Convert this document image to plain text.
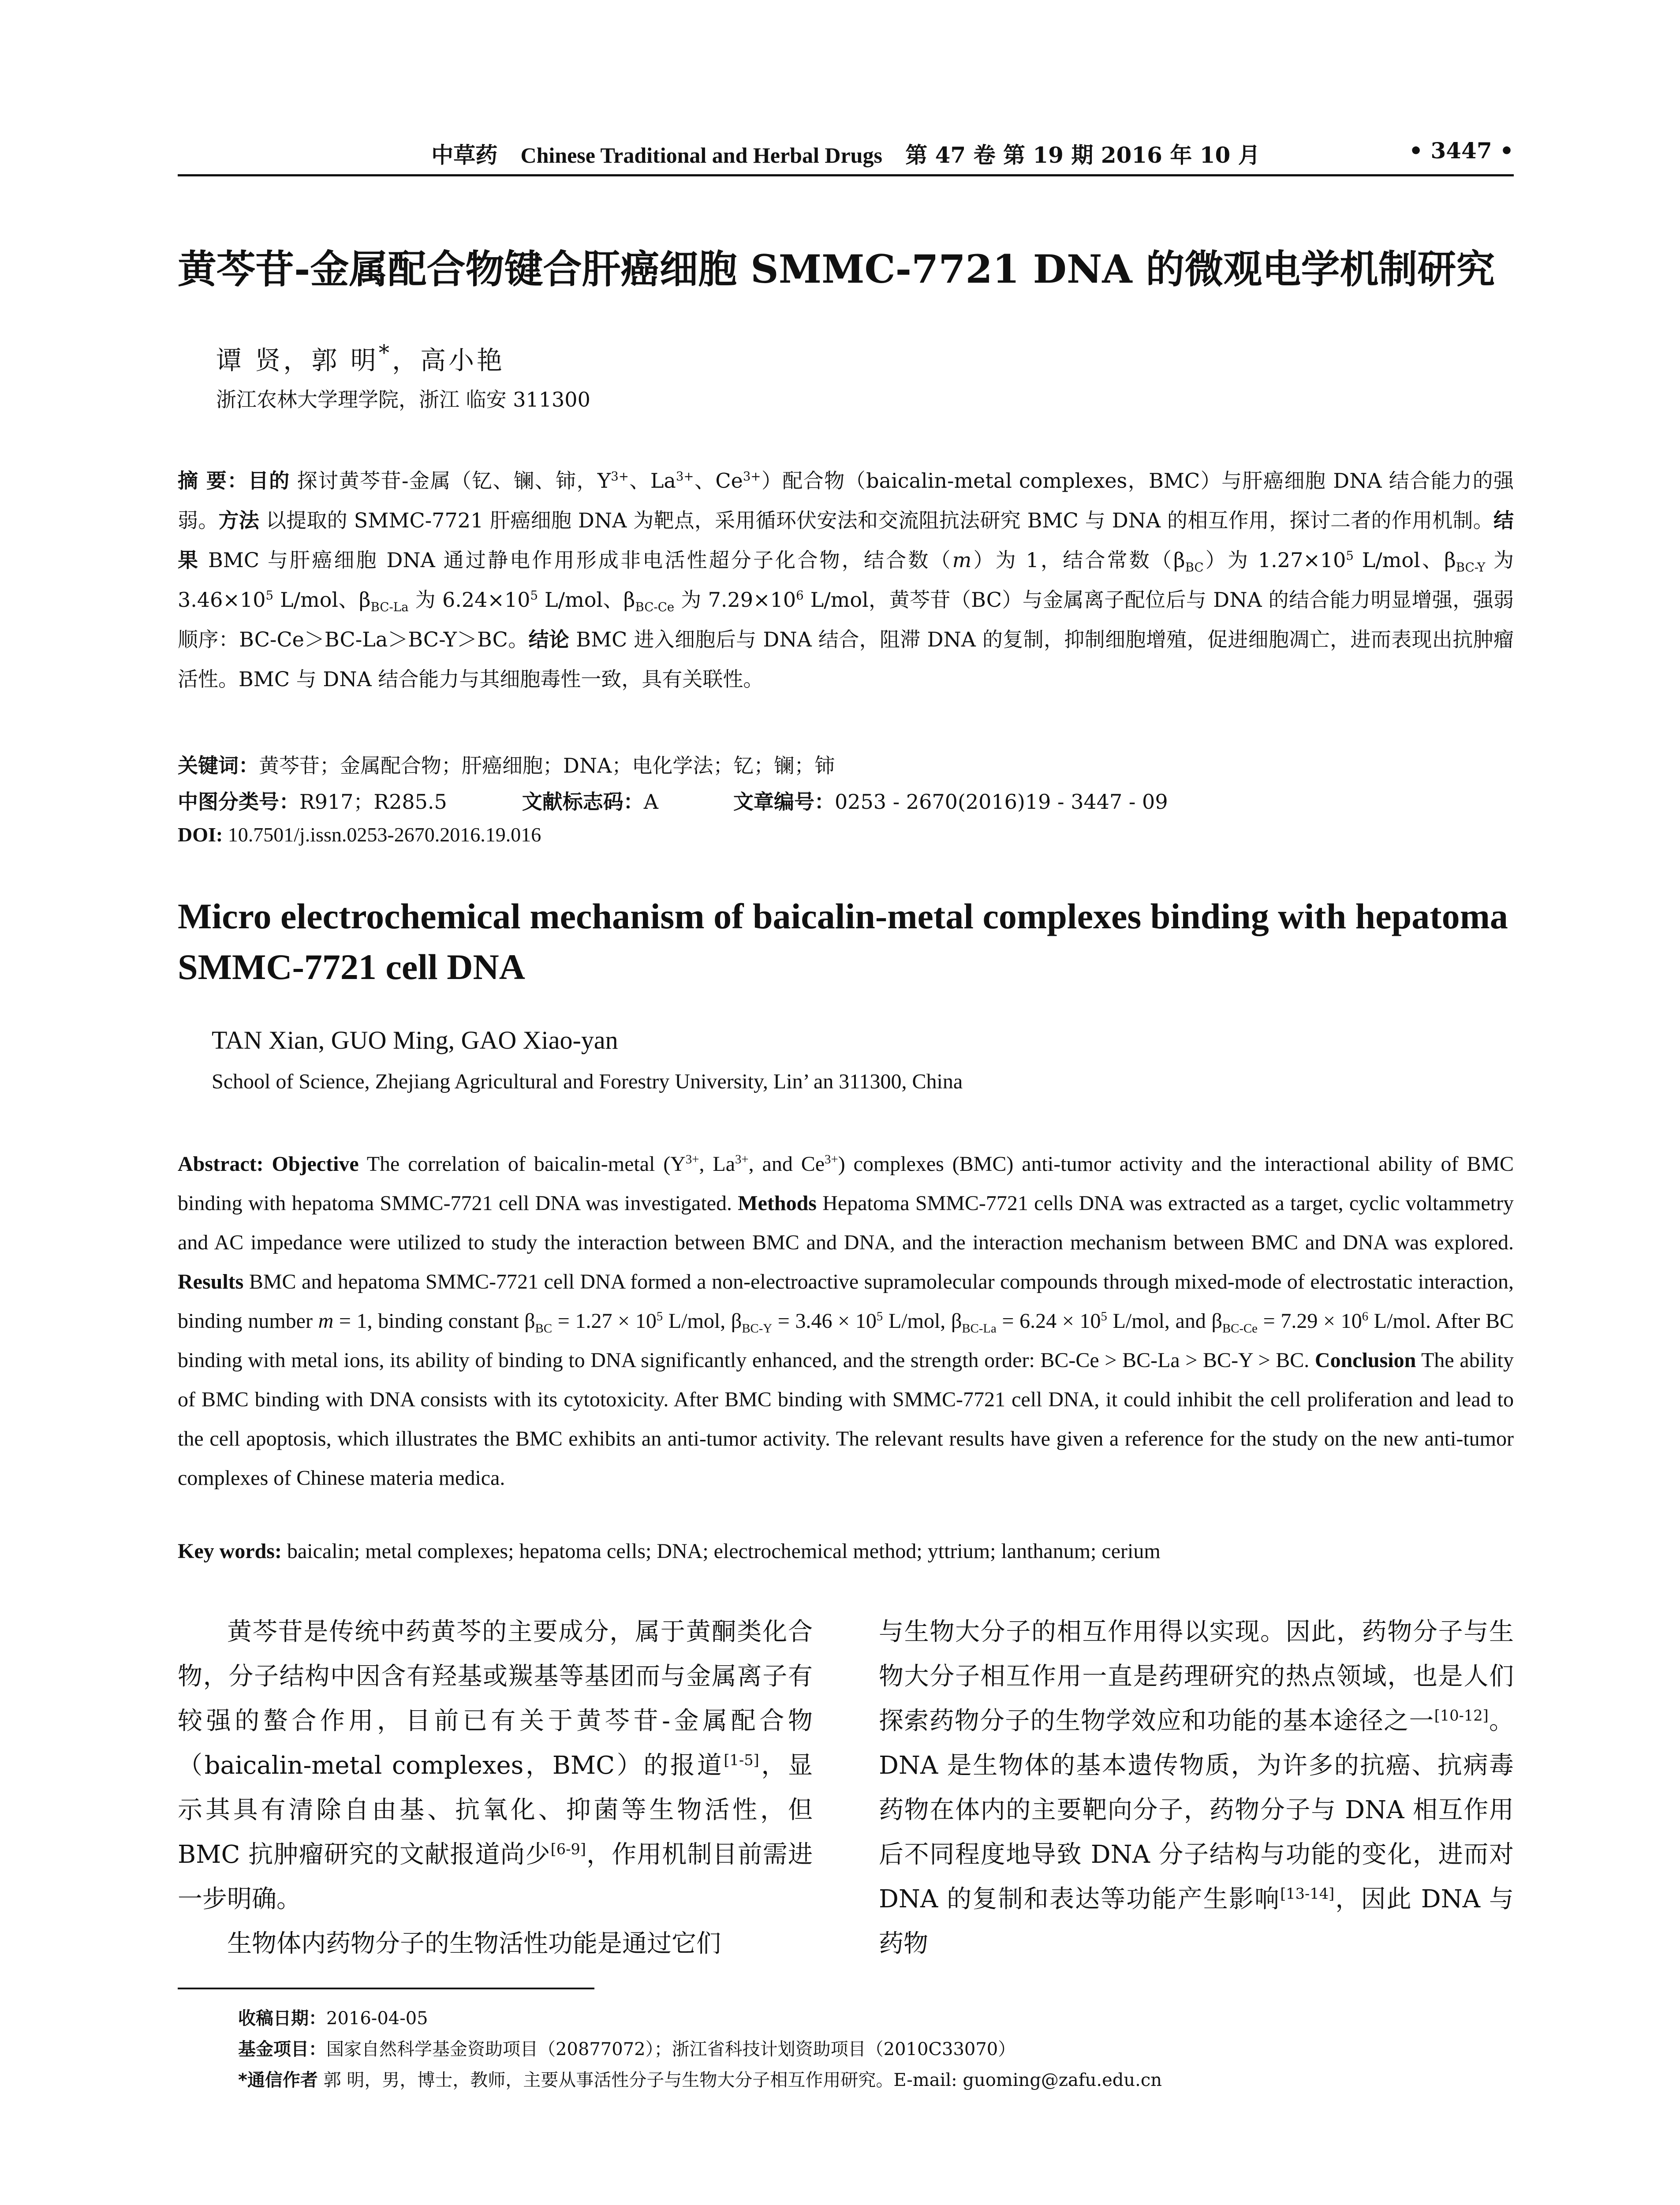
中草药 Chinese Traditional and Herbal Drugs 第 47 卷 第 19 期 2016 年 10 月	• 3447 •
黄芩苷-金属配合物键合肝癌细胞 SMMC-7721 DNA 的微观电学机制研究
谭 贤，郭 明*，高小艳
浙江农林大学理学院，浙江 临安 311300
摘 要：目的 探讨黄芩苷-金属（钇、镧、铈，$Y^{3+}$、$La^{3+}$、$Ce^{3+}$）配合物（baicalin-metal complexes，BMC）与肝癌细胞 DNA 结合能力的强弱。方法 以提取的 SMMC-7721 肝癌细胞 DNA 为靶点，采用循环伏安法和交流阻抗法研究 BMC 与 DNA 的相互作用，探讨二者的作用机制。结果 BMC 与肝癌细胞 DNA 通过静电作用形成非电活性超分子化合物，结合数（m）为 1，结合常数$(\beta_{BC})$为 $1.27\times 10^5$ L/mol、$\beta_{BC-Y}$ 为 $3.46\times 10^5$ L/mol、$\beta_{BC-La}$ 为 $6.24\times 10^5$ L/mol、$\beta_{BC-Ce}$ 为 $7.29\times 10^6$ L/mol，黄芩苷（BC）与金属离子配位后与 DNA 的结合能力明显增强，强弱顺序：BC-Ce＞BC-La＞BC-Y＞BC。结论 BMC 进入细胞后与 DNA 结合，阻滞 DNA 的复制，抑制细胞增殖，促进细胞凋亡，进而表现出抗肿瘤活性。BMC 与 DNA 结合能力与其细胞毒性一致，具有关联性。
关键词：黄芩苷；金属配合物；肝癌细胞；DNA；电化学法；钇；镧；铈
中图分类号：R917；R285.5	文献标志码：A	文章编号：0253 - 2670(2016)19 - 3447 - 09
DOI: 10.7501/j.issn.0253-2670.2016.19.016
Micro electrochemical mechanism of baicalin-metal complexes binding with hepatoma SMMC-7721 cell DNA
TAN Xian, GUO Ming, GAO Xiao-yan
School of Science, Zhejiang Agricultural and Forestry University, Lin’ an 311300, China
Abstract: Objective The correlation of baicalin-metal ($Y^{3+}$, $La^{3+}$, and $Ce^{3+}$) complexes (BMC) anti-tumor activity and the interactional ability of BMC binding with hepatoma SMMC-7721 cell DNA was investigated. Methods Hepatoma SMMC-7721 cells DNA was extracted as a target, cyclic voltammetry and AC impedance were utilized to study the interaction between BMC and DNA, and the interaction mechanism between BMC and DNA was explored. Results BMC and hepatoma SMMC-7721 cell DNA formed a non-electroactive supramolecular compounds through mixed-mode of electrostatic interaction, binding number m = 1, binding constant $\beta_{BC} = 1.27 \times 10^5$ L/mol, $\beta_{BC-Y} = 3.46 \times 10^5$ L/mol, $\beta_{BC-La} = 6.24 \times 10^5$ L/mol, and $\beta_{BC-Ce} = 7.29 \times 10^6$ L/mol. After BC binding with metal ions, its ability of binding to DNA significantly enhanced, and the strength order: BC-Ce > BC-La > BC-Y > BC. Conclusion The ability of BMC binding with DNA consists with its cytotoxicity. After BMC binding with SMMC-7721 cell DNA, it could inhibit the cell proliferation and lead to the cell apoptosis, which illustrates the BMC exhibits an anti-tumor activity. The relevant results have given a reference for the study on the new anti-tumor complexes of Chinese materia medica.
Key words: baicalin; metal complexes; hepatoma cells; DNA; electrochemical method; yttrium; lanthanum; cerium

黄芩苷是传统中药黄芩的主要成分，属于黄酮类化合物，分子结构中因含有羟基或羰基等基团而与金属离子有较强的螯合作用，目前已有关于黄芩苷-金属配合物（baicalin-metal complexes，BMC）的报道[1-5]，显示其具有清除自由基、抗氧化、抑菌等生物活性，但 BMC 抗肿瘤研究的文献报道尚少[6-9]，作用机制目前需进一步明确。

生物体内药物分子的生物活性功能是通过它们

与生物大分子的相互作用得以实现。因此，药物分子与生物大分子相互作用一直是药理研究的热点领域，也是人们探索药物分子的生物学效应和功能的基本途径之一[10-12]。DNA 是生物体的基本遗传物质，为许多的抗癌、抗病毒药物在体内的主要靶向分子，药物分子与 DNA 相互作用后不同程度地导致 DNA 分子结构与功能的变化，进而对 DNA 的复制和表达等功能产生影响[13-14]，因此 DNA 与药物

收稿日期：2016-04-05
基金项目：国家自然科学基金资助项目（20877072）；浙江省科技计划资助项目（2010C33070）
*通信作者 郭 明，男，博士，教师，主要从事活性分子与生物大分子相互作用研究。E-mail: guoming@zafu.edu.cn
